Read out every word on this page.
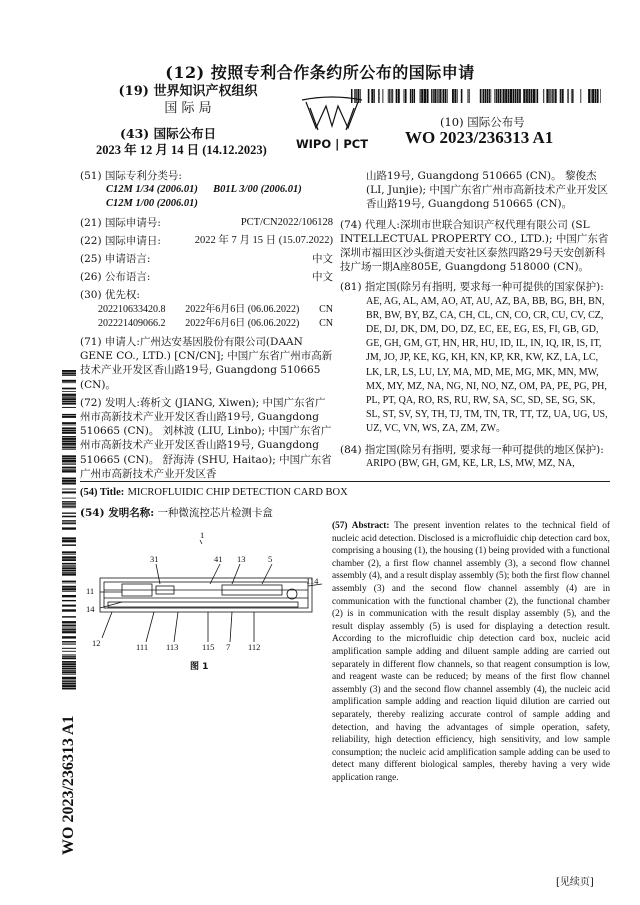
(12) 按照专利合作条约所公布的国际申请
(19) 世界知识产权组织
国 际 局
(43) 国际公布日
2023 年 12 月 14 日 (14.12.2023)
(10) 国际公布号
WO 2023/236313 A1
WIPO | PCT
(51) 国际专利分类号:
C12M 1/34 (2006.01) B01L 3/00 (2006.01)
C12M 1/00 (2006.01)
(21) 国际申请号:	PCT/CN2022/106128
(22) 国际申请日:	2022 年 7 月 15 日 (15.07.2022)
(25) 申请语言:	中文
(26) 公布语言:	中文
(30) 优先权:
202210633420.8 2022年6月6日 (06.06.2022) CN
202221409066.2 2022年6月6日 (06.06.2022) CN
(71) 申请人:广州达安基因股份有限公司(DAAN GENE CO., LTD.) [CN/CN]; 中国广东省广州市高新技术产业开发区香山路19号, Guangdong 510665 (CN)。
(72) 发明人:蒋析文 (JIANG, Xiwen); 中国广东省广州市高新技术产业开发区香山路19号, Guangdong 510665 (CN)。 刘林波 (LIU, Linbo); 中国广东省广州市高新技术产业开发区香山路19号, Guangdong 510665 (CN)。 舒海涛 (SHU, Haitao); 中国广东省广州市高新技术产业开发区香
山路19号, Guangdong 510665 (CN)。 黎俊杰 (LI, Junjie); 中国广东省广州市高新技术产业开发区香山路19号, Guangdong 510665 (CN)。
(74) 代理人:深圳市世联合知识产权代理有限公司 (SL INTELLECTUAL PROPERTY CO., LTD.); 中国广东省深圳市福田区沙头街道天安社区泰然四路29号天安创新科技广场一期A座805E, Guangdong 518000 (CN)。
(81) 指定国(除另有指明, 要求每一种可提供的国家保护):
AE, AG, AL, AM, AO, AT, AU, AZ, BA, BB, BG, BH, BN, BR, BW, BY, BZ, CA, CH, CL, CN, CO, CR, CU, CV, CZ, DE, DJ, DK, DM, DO, DZ, EC, EE, EG, ES, FI, GB, GD, GE, GH, GM, GT, HN, HR, HU, ID, IL, IN, IQ, IR, IS, IT, JM, JO, JP, KE, KG, KH, KN, KP, KR, KW, KZ, LA, LC, LK, LR, LS, LU, LY, MA, MD, ME, MG, MK, MN, MW, MX, MY, MZ, NA, NG, NI, NO, NZ, OM, PA, PE, PG, PH, PL, PT, QA, RO, RS, RU, RW, SA, SC, SD, SE, SG, SK, SL, ST, SV, SY, TH, TJ, TM, TN, TR, TT, TZ, UA, UG, US, UZ, VC, VN, WS, ZA, ZM, ZW。
(84) 指定国(除另有指明, 要求每一种可提供的地区保护):
ARIPO (BW, GH, GM, KE, LR, LS, MW, MZ, NA,
(54) Title: MICROFLUIDIC CHIP DETECTION CARD BOX
(54) 发明名称: 一种微流控芯片检测卡盒
1
31	41 13	5
11
14
114
12	111 113	115 7 112
图 1
(57) Abstract: The present invention relates to the technical field of nucleic acid detection. Disclosed is a microfluidic chip detection card box, comprising a housing (1), the housing (1) being provided with a functional chamber (2), a first flow channel assembly (3), a second flow channel assembly (4), and a result display assembly (5); both the first flow channel assembly (3) and the second flow channel assembly (4) are in communication with the functional chamber (2), the functional chamber (2) is in communication with the result display assembly (5), and the result display assembly (5) is used for displaying a detection result. According to the microfluidic chip detection card box, nucleic acid amplification sample adding and diluent sample adding are carried out separately in different flow channels, so that reagent consumption is low, and reagent waste can be reduced; by means of the first flow channel assembly (3) and the second flow channel assembly (4), the nucleic acid amplification sample adding and reaction liquid dilution are carried out separately, thereby realizing accurate control of sample adding and detection, and having the advantages of simple operation, safety, reliability, high detection efficiency, high sensitivity, and low sample consumption; the nucleic acid amplification sample adding can be used to detect many different biological samples, thereby having a very wide application range.
WO 2023/236313 A1
[见续页]
